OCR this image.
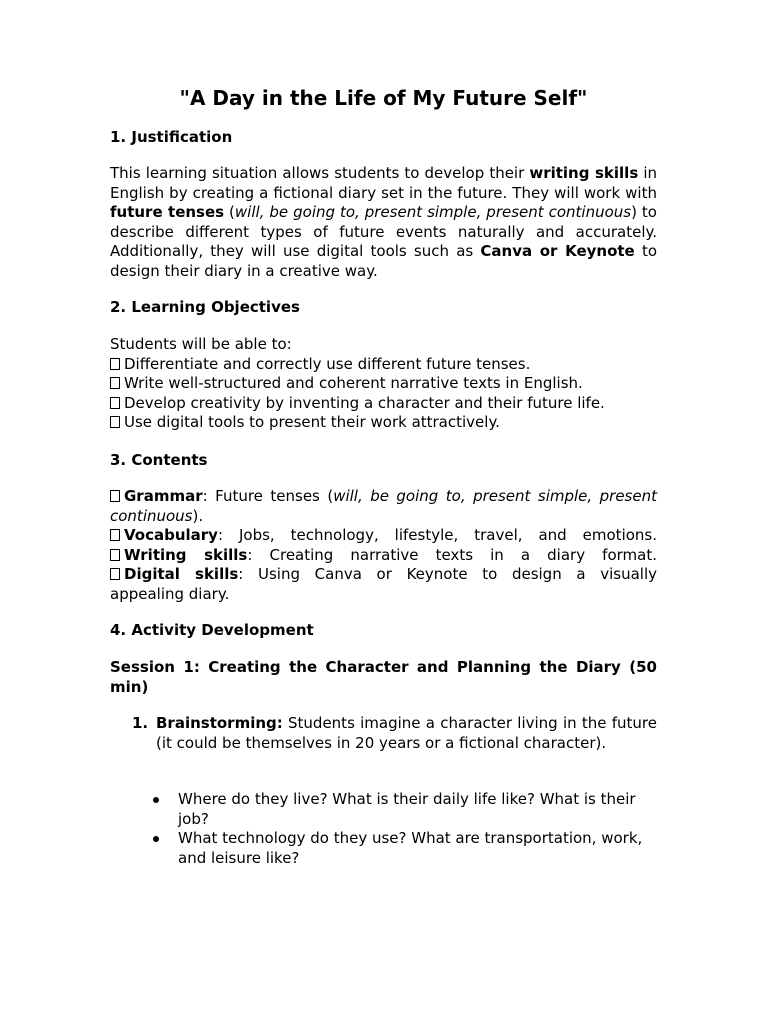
"A Day in the Life of My Future Self"
1. Justification
This learning situation allows students to develop their writing skills in English by creating a fictional diary set in the future. They will work with future tenses (will, be going to, present simple, present continuous) to describe different types of future events naturally and accurately. Additionally, they will use digital tools such as Canva or Keynote to design their diary in a creative way.
2. Learning Objectives
Students will be able to:
Differentiate and correctly use different future tenses.
Write well-structured and coherent narrative texts in English.
Develop creativity by inventing a character and their future life.
Use digital tools to present their work attractively.
3. Contents
Grammar: Future tenses (will, be going to, present simple, present
continuous).
Vocabulary: Jobs, technology, lifestyle, travel, and emotions.
Writing skills: Creating narrative texts in a diary format.
Digital skills: Using Canva or Keynote to design a visually
appealing diary.
4. Activity Development
Session 1: Creating the Character and Planning the Diary (50 min)
1. Brainstorming: Students imagine a character living in the future (it could be themselves in 20 years or a fictional character).
Where do they live? What is their daily life like? What is their job?
What technology do they use? What are transportation, work, and leisure like?
